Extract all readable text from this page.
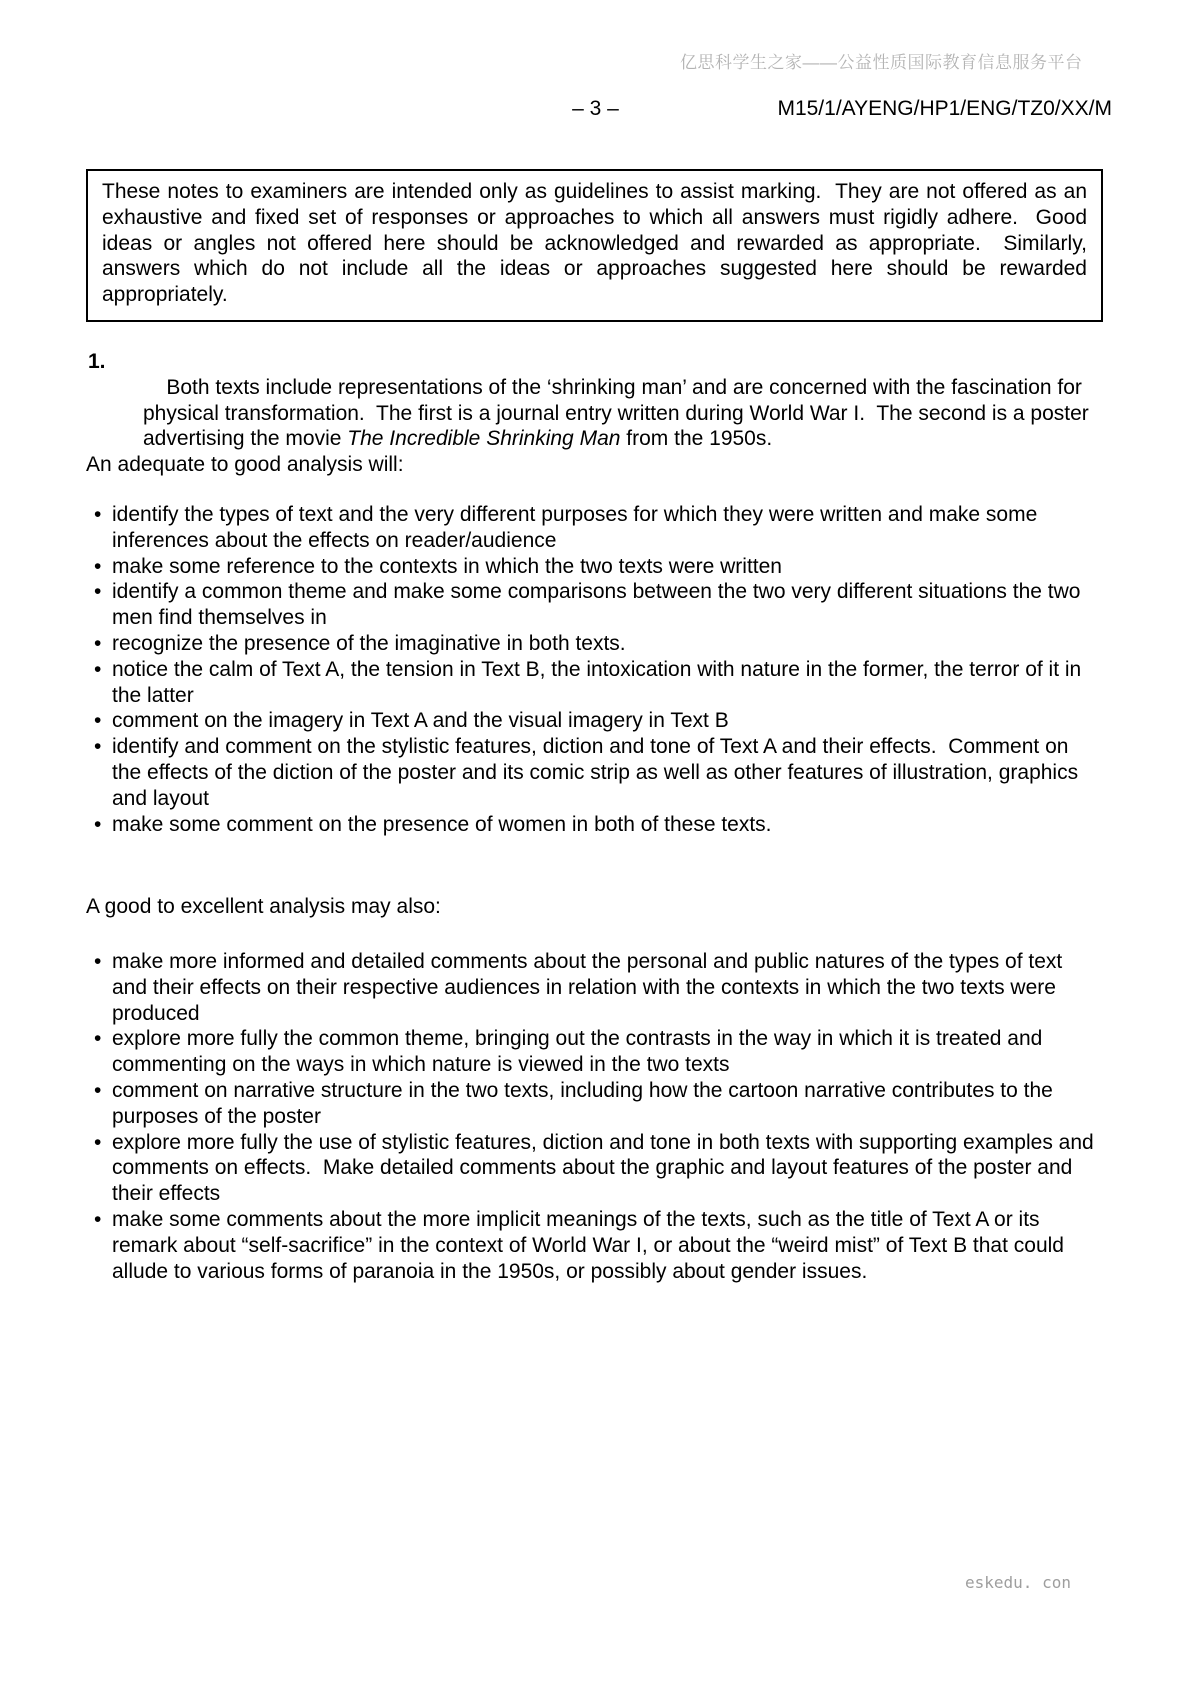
亿思科学生之家——公益性质国际教育信息服务平台
– 3 –	M15/1/AYENG/HP1/ENG/TZ0/XX/M

These notes to examiners are intended only as guidelines to assist marking.  They are not offered as an exhaustive and fixed set of responses or approaches to which all answers must rigidly adhere.  Good ideas or angles not offered here should be acknowledged and rewarded as appropriate.  Similarly, answers which do not include all the ideas or approaches suggested here should be rewarded appropriately.

1.
Both texts include representations of the ‘shrinking man’ and are concerned with the fascination for physical transformation.  The first is a journal entry written during World War I.  The second is a poster advertising the movie The Incredible Shrinking Man from the 1950s.

An adequate to good analysis will:

• identify the types of text and the very different purposes for which they were written and make some inferences about the effects on reader/audience
• make some reference to the contexts in which the two texts were written
• identify a common theme and make some comparisons between the two very different situations the two men find themselves in
• recognize the presence of the imaginative in both texts.
• notice the calm of Text A, the tension in Text B, the intoxication with nature in the former, the terror of it in the latter
• comment on the imagery in Text A and the visual imagery in Text B
• identify and comment on the stylistic features, diction and tone of Text A and their effects.  Comment on the effects of the diction of the poster and its comic strip as well as other features of illustration, graphics and layout
• make some comment on the presence of women in both of these texts.

A good to excellent analysis may also:

• make more informed and detailed comments about the personal and public natures of the types of text and their effects on their respective audiences in relation with the contexts in which the two texts were produced
• explore more fully the common theme, bringing out the contrasts in the way in which it is treated and commenting on the ways in which nature is viewed in the two texts
• comment on narrative structure in the two texts, including how the cartoon narrative contributes to the purposes of the poster
• explore more fully the use of stylistic features, diction and tone in both texts with supporting examples and comments on effects.  Make detailed comments about the graphic and layout features of the poster and their effects
• make some comments about the more implicit meanings of the texts, such as the title of Text A or its remark about “self-sacrifice” in the context of World War I, or about the “weird mist” of Text B that could allude to various forms of paranoia in the 1950s, or possibly about gender issues.
eskedu. con
